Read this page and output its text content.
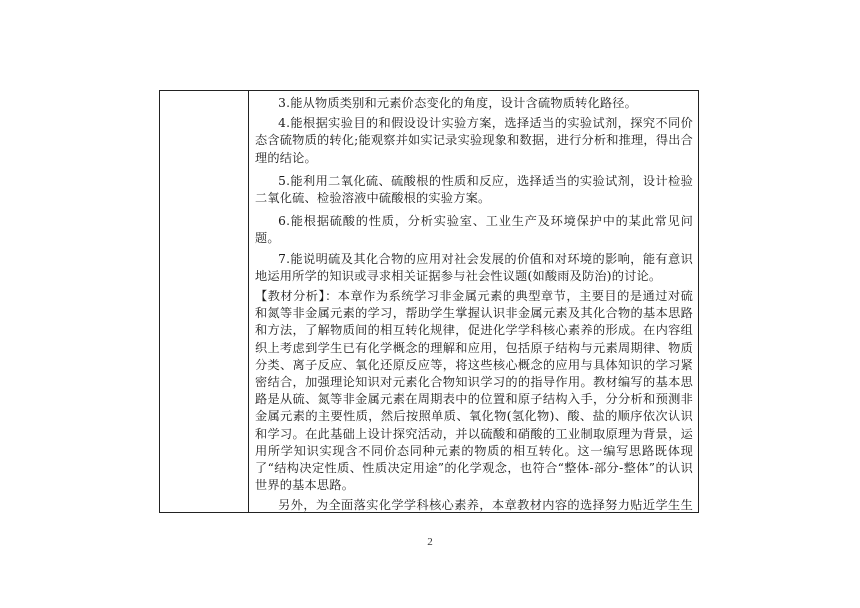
3.能从物质类别和元素价态变化的角度，设计含硫物质转化路径。

4.能根据实验目的和假设设计实验方案，选择适当的实验试剂，探究不同价态含硫物质的转化;能观察并如实记录实验现象和数据，进行分析和推理，得出合理的结论。

5.能利用二氧化硫、硫酸根的性质和反应，选择适当的实验试剂，设计检验二氧化硫、检验溶液中硫酸根的实验方案。

6.能根据硫酸的性质，分析实验室、工业生产及环境保护中的某此常见问题。

7.能说明硫及其化合物的应用对社会发展的价值和对环境的影响，能有意识地运用所学的知识或寻求相关证据参与社会性议题(如酸雨及防治)的讨论。

【教材分析】：本章作为系统学习非金属元素的典型章节，主要目的是通过对硫和氮等非金属元素的学习，帮助学生掌握认识非金属元素及其化合物的基本思路和方法，了解物质间的相互转化规律，促进化学学科核心素养的形成。在内容组织上考虑到学生已有化学概念的理解和应用，包括原子结构与元素周期律、物质分类、离子反应、氧化还原反应等，将这些核心概念的应用与具体知识的学习紧密结合，加强理论知识对元素化合物知识学习的的指导作用。教材编写的基本思路是从硫、氮等非金属元素在周期表中的位置和原子结构入手，分分析和预测非金属元素的主要性质，然后按照单质、氧化物(氢化物)、酸、盐的顺序依次认识和学习。在此基础上设计探究活动，并以硫酸和硝酸的工业制取原理为背景，运用所学知识实现含不同价态同种元素的物质的相互转化。这一编写思路既体现了“结构决定性质、性质决定用途”的化学观念，也符合“整体-部分-整体”的认识世界的基本思路。

另外，为全面落实化学学科核心素养，本章教材内容的选择努力贴近学生生

2
